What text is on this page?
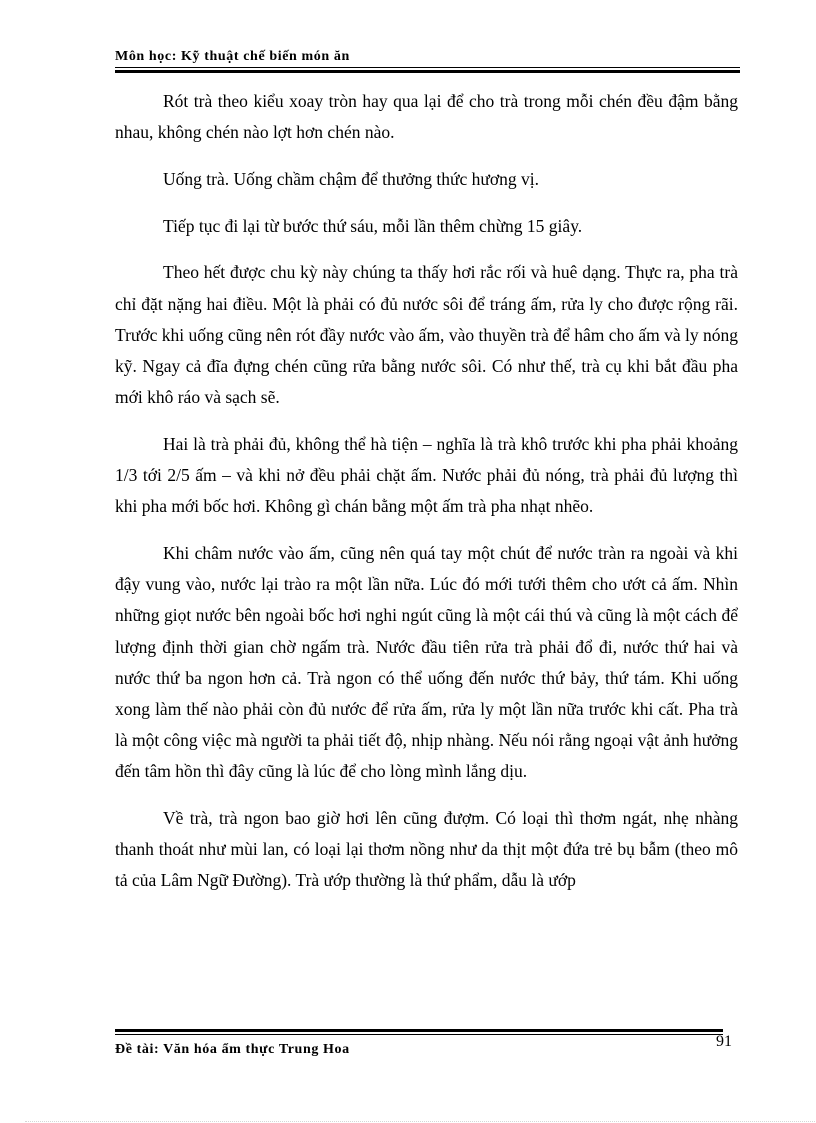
Môn học: Kỹ thuật chế biến món ăn

Rót trà theo kiểu xoay tròn hay qua lại để cho trà trong mỗi chén đều đậm bằng nhau, không chén nào lợt hơn chén nào.

Uống trà. Uống chầm chậm để thưởng thức hương vị.

Tiếp tục đi lại từ bước thứ sáu, mỗi lần thêm chừng 15 giây.

Theo hết được chu kỳ này chúng ta thấy hơi rắc rối và huê dạng. Thực ra, pha trà chỉ đặt nặng hai điều. Một là phải có đủ nước sôi để tráng ấm, rửa ly cho được rộng rãi. Trước khi uống cũng nên rót đầy nước vào ấm, vào thuyền trà để hâm cho ấm và ly nóng kỹ. Ngay cả đĩa đựng chén cũng rửa bằng nước sôi. Có như thế, trà cụ khi bắt đầu pha mới khô ráo và sạch sẽ.

Hai là trà phải đủ, không thể hà tiện – nghĩa là trà khô trước khi pha phải khoảng 1/3 tới 2/5 ấm – và khi nở đều phải chặt ấm. Nước phải đủ nóng, trà phải đủ lượng thì khi pha mới bốc hơi. Không gì chán bằng một ấm trà pha nhạt nhẽo.

Khi châm nước vào ấm, cũng nên quá tay một chút để nước tràn ra ngoài và khi đậy vung vào, nước lại trào ra một lần nữa. Lúc đó mới tưới thêm cho ướt cả ấm. Nhìn những giọt nước bên ngoài bốc hơi nghi ngút cũng là một cái thú và cũng là một cách để lượng định thời gian chờ ngấm trà. Nước đầu tiên rửa trà phải đổ đi, nước thứ hai và nước thứ ba ngon hơn cả. Trà ngon có thể uống đến nước thứ bảy, thứ tám. Khi uống xong làm thế nào phải còn đủ nước để rửa ấm, rửa ly một lần nữa trước khi cất. Pha trà là một công việc mà người ta phải tiết độ, nhịp nhàng. Nếu nói rằng ngoại vật ảnh hưởng đến tâm hồn thì đây cũng là lúc để cho lòng mình lắng dịu.

Về trà, trà ngon bao giờ hơi lên cũng đượm. Có loại thì thơm ngát, nhẹ nhàng thanh thoát như mùi lan, có loại lại thơm nồng như da thịt một đứa trẻ bụ bẫm (theo mô tả của Lâm Ngữ Đường). Trà ướp thường là thứ phẩm, dẫu là ướp

Đề tài: Văn hóa ẩm thực Trung Hoa	91
